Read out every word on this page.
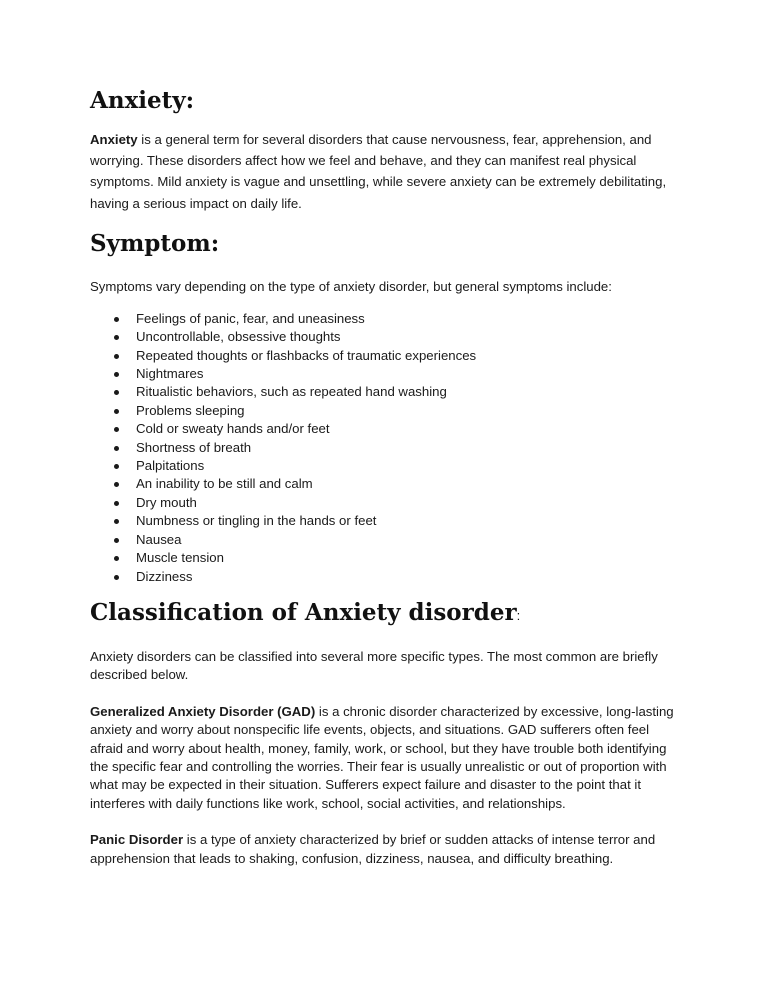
Anxiety:

Anxiety is a general term for several disorders that cause nervousness, fear, apprehension, and worrying. These disorders affect how we feel and behave, and they can manifest real physical symptoms. Mild anxiety is vague and unsettling, while severe anxiety can be extremely debilitating, having a serious impact on daily life.

Symptom:

Symptoms vary depending on the type of anxiety disorder, but general symptoms include:

Feelings of panic, fear, and uneasiness
Uncontrollable, obsessive thoughts
Repeated thoughts or flashbacks of traumatic experiences
Nightmares
Ritualistic behaviors, such as repeated hand washing
Problems sleeping
Cold or sweaty hands and/or feet
Shortness of breath
Palpitations
An inability to be still and calm
Dry mouth
Numbness or tingling in the hands or feet
Nausea
Muscle tension
Dizziness
Classification of Anxiety disorder:

Anxiety disorders can be classified into several more specific types. The most common are briefly described below.

Generalized Anxiety Disorder (GAD) is a chronic disorder characterized by excessive, long-lasting anxiety and worry about nonspecific life events, objects, and situations. GAD sufferers often feel afraid and worry about health, money, family, work, or school, but they have trouble both identifying the specific fear and controlling the worries. Their fear is usually unrealistic or out of proportion with what may be expected in their situation. Sufferers expect failure and disaster to the point that it interferes with daily functions like work, school, social activities, and relationships.

Panic Disorder is a type of anxiety characterized by brief or sudden attacks of intense terror and apprehension that leads to shaking, confusion, dizziness, nausea, and difficulty breathing.
